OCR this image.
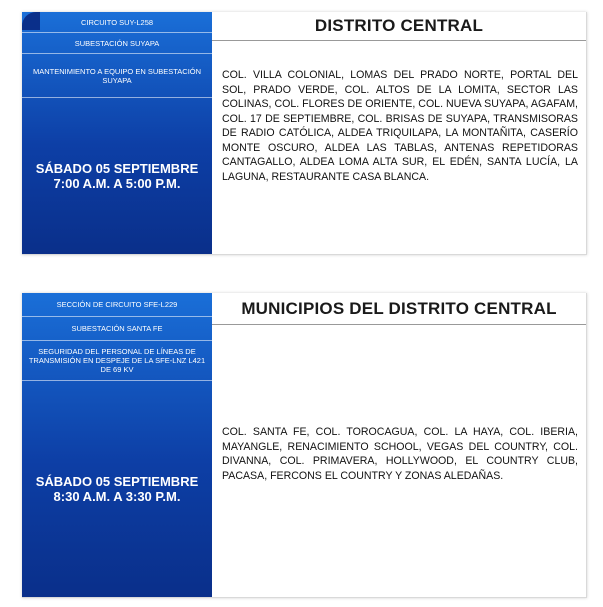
CIRCUITO SUY-L258
SUBESTACIÓN SUYAPA
MANTENIMIENTO A EQUIPO EN SUBESTACIÓN SUYAPA
SÁBADO 05 SEPTIEMBRE
7:00 A.M. A 5:00 P.M.
DISTRITO CENTRAL
COL. VILLA COLONIAL, LOMAS DEL PRADO NORTE, PORTAL DEL SOL, PRADO VERDE, COL. ALTOS DE LA LOMITA, SECTOR LAS COLINAS, COL. FLORES DE ORIENTE, COL. NUEVA SUYAPA, AGAFAM, COL. 17 DE SEPTIEMBRE, COL. BRISAS DE SUYAPA, TRANSMISORAS DE RADIO CATÓLICA, ALDEA TRIQUILAPA, LA MONTAÑITA, CASERÍO MONTE OSCURO, ALDEA LAS TABLAS, ANTENAS REPETIDORAS CANTAGALLO, ALDEA LOMA ALTA SUR, EL EDÉN, SANTA LUCÍA, LA LAGUNA, RESTAURANTE CASA BLANCA.
SECCIÓN DE CIRCUITO SFE-L229
SUBESTACIÓN SANTA FE
SEGURIDAD DEL PERSONAL DE LÍNEAS DE TRANSMISIÓN EN DESPEJE DE LA SFE-LNZ L421 DE 69 KV
SÁBADO 05 SEPTIEMBRE
8:30 A.M. A 3:30 P.M.
MUNICIPIOS DEL DISTRITO CENTRAL
COL. SANTA FE, COL. TOROCAGUA, COL. LA HAYA, COL. IBERIA, MAYANGLE, RENACIMIENTO SCHOOL, VEGAS DEL COUNTRY, COL. DIVANNA, COL. PRIMAVERA, HOLLYWOOD, EL COUNTRY CLUB, PACASA, FERCONS EL COUNTRY Y ZONAS ALEDAÑAS.
